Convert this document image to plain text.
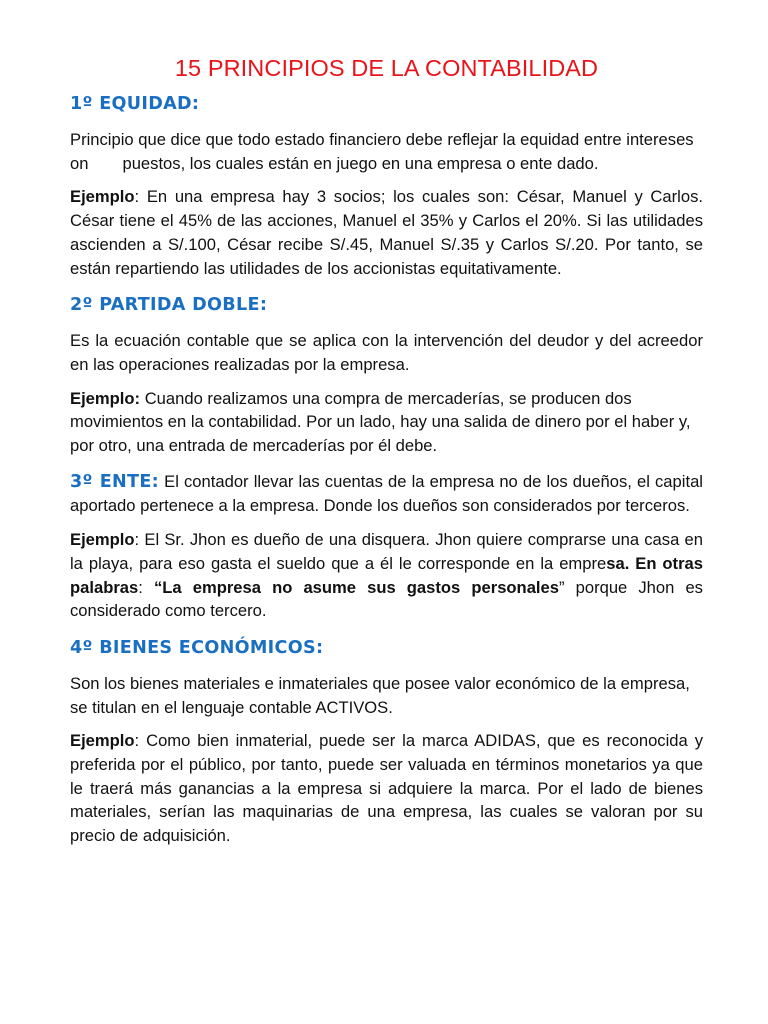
15 PRINCIPIOS DE LA CONTABILIDAD
1º EQUIDAD:

Principio que dice que todo estado financiero debe reflejar la equidad entre intereses on puestos, los cuales están en juego en una empresa o ente dado.

Ejemplo: En una empresa hay 3 socios; los cuales son: César, Manuel y Carlos. César tiene el 45% de las acciones, Manuel el 35% y Carlos el 20%. Si las utilidades ascienden a S/.100, César recibe S/.45, Manuel S/.35 y Carlos S/.20. Por tanto, se están repartiendo las utilidades de los accionistas equitativamente.

2º PARTIDA DOBLE:

Es la ecuación contable que se aplica con la intervención del deudor y del acreedor en las operaciones realizadas por la empresa.

Ejemplo: Cuando realizamos una compra de mercaderías, se producen dos movimientos en la contabilidad. Por un lado, hay una salida de dinero por el haber y, por otro, una entrada de mercaderías por él debe.

3º ENTE: El contador llevar las cuentas de la empresa no de los dueños, el capital aportado pertenece a la empresa. Donde los dueños son considerados por terceros.

Ejemplo: El Sr. Jhon es dueño de una disquera. Jhon quiere comprarse una casa en la playa, para eso gasta el sueldo que a él le corresponde en la empresa. En otras palabras: “La empresa no asume sus gastos personales” porque Jhon es considerado como tercero.

4º BIENES ECONÓMICOS:

Son los bienes materiales e inmateriales que posee valor económico de la empresa, se titulan en el lenguaje contable ACTIVOS.

Ejemplo: Como bien inmaterial, puede ser la marca ADIDAS, que es reconocida y preferida por el público, por tanto, puede ser valuada en términos monetarios ya que le traerá más ganancias a la empresa si adquiere la marca. Por el lado de bienes materiales, serían las maquinarias de una empresa, las cuales se valoran por su precio de adquisición.
